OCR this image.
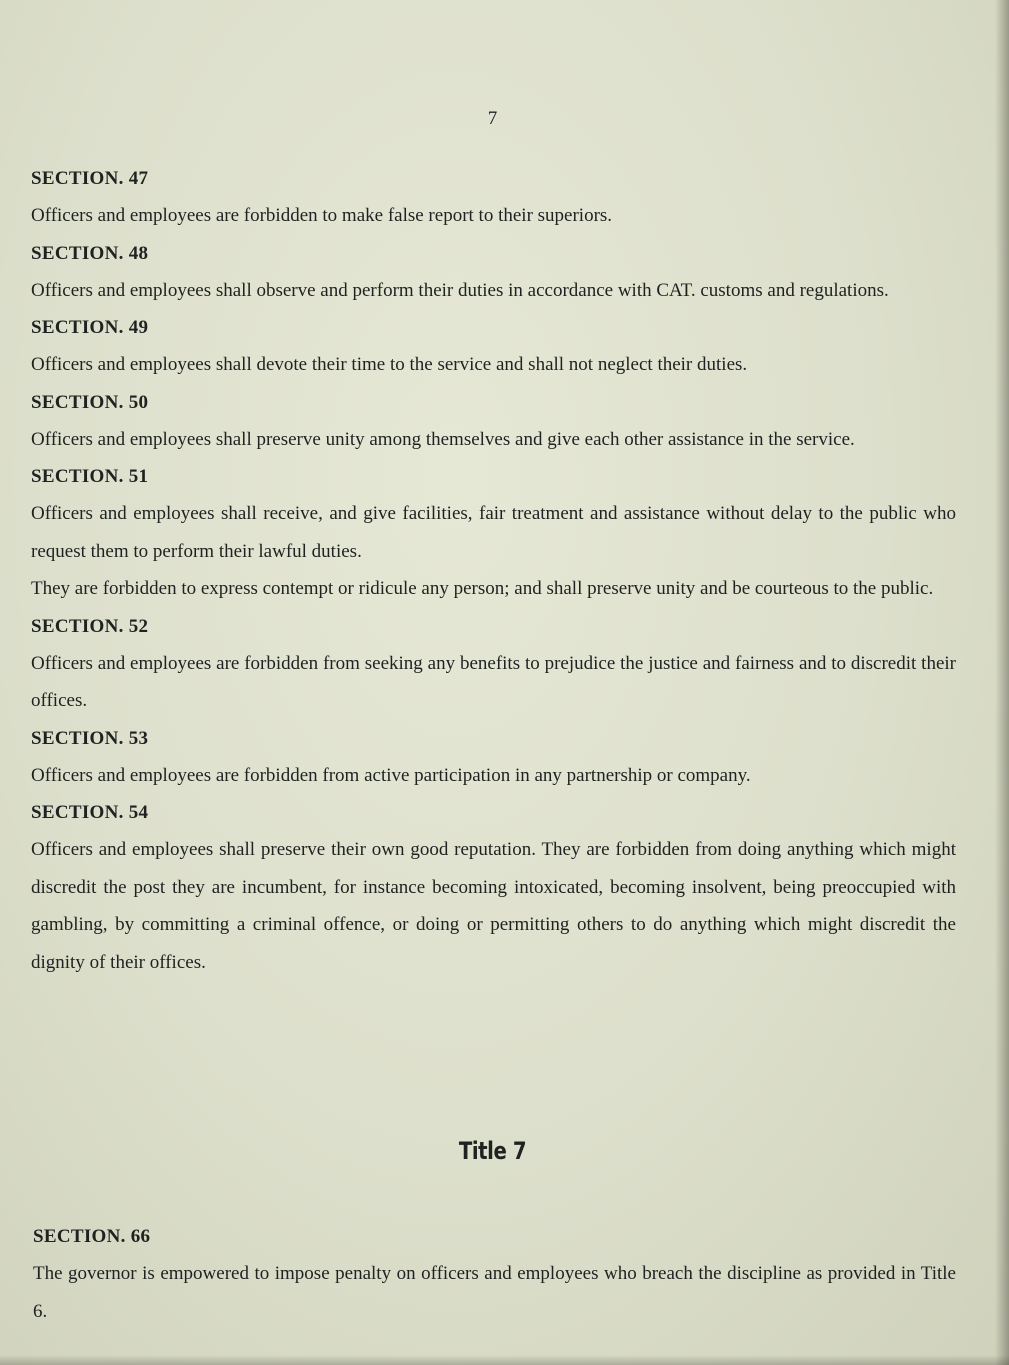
7

SECTION. 47

Officers and employees are forbidden to make false report to their superiors.

SECTION. 48

Officers and employees shall observe and perform their duties in accordance with CAT. customs and regulations.

SECTION. 49

Officers and employees shall devote their time to the service and shall not neglect their duties.

SECTION. 50

Officers and employees shall preserve unity among themselves and give each other assistance in the service.

SECTION. 51

Officers and employees shall receive, and give facilities, fair treatment and assistance without delay to the public who request them to perform their lawful duties.

They are forbidden to express contempt or ridicule any person; and shall preserve unity and be courteous to the public.

SECTION. 52

Officers and employees are forbidden from seeking any benefits to prejudice the justice and fairness and to discredit their offices.

SECTION. 53

Officers and employees are forbidden from active participation in any partnership or company.

SECTION. 54

Officers and employees shall preserve their own good reputation. They are forbidden from doing anything which might discredit the post they are incumbent, for instance becoming intoxicated, becoming insolvent, being preoccupied with gambling, by committing a criminal offence, or doing or permitting others to do anything which might discredit the dignity of their offices.

Title 7

SECTION. 66

The governor is empowered to impose penalty on officers and employees who breach the discipline as provided in Title 6.
